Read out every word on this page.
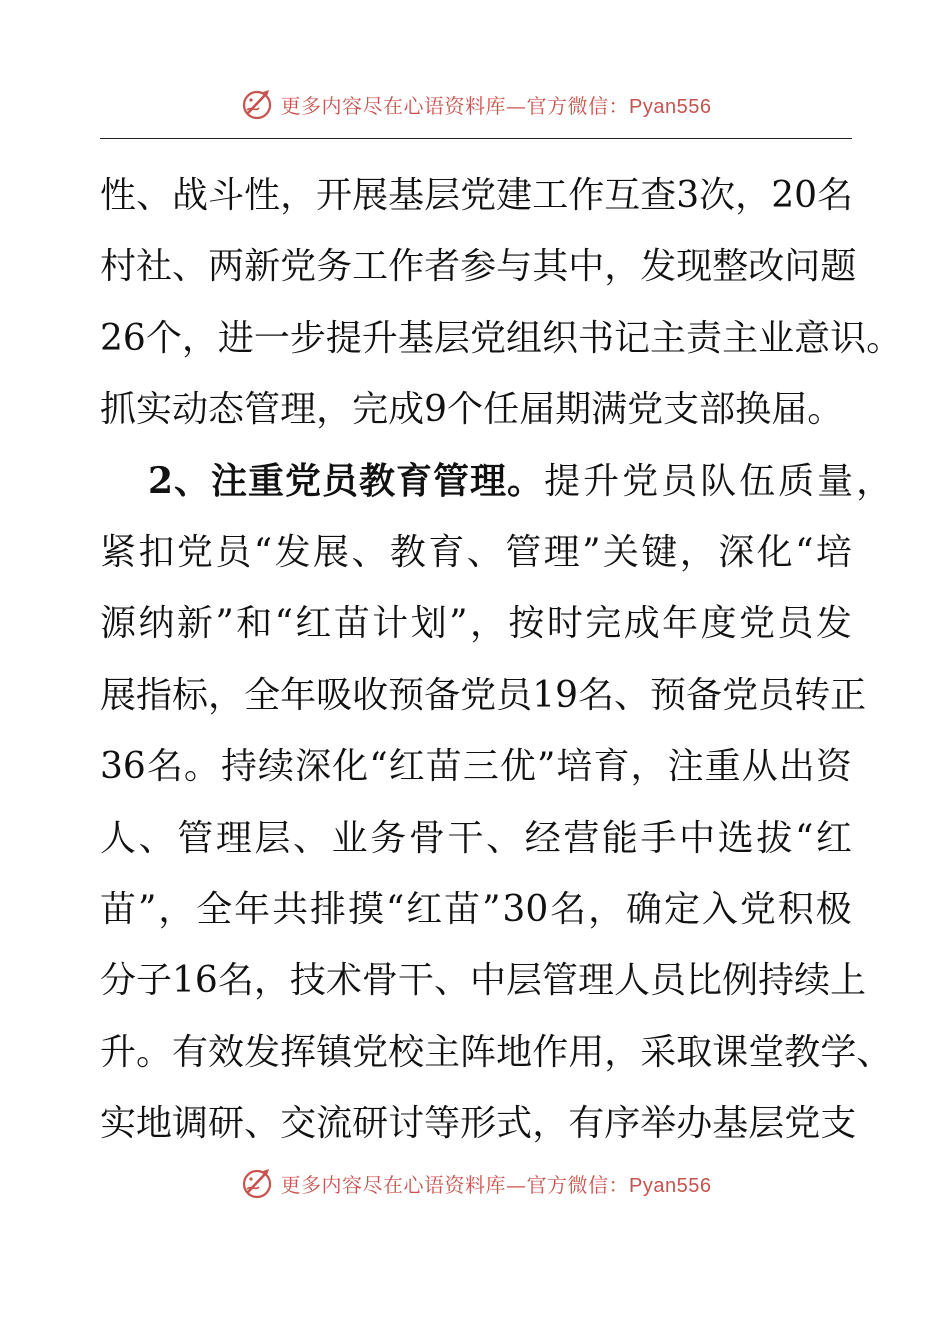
更多内容尽在心语资料库—官方微信：Pyan556
性 、 战 斗 性 ， 开 展 基 层 党 建 工 作 互 查 3 次 ， 20 名
村 社 、 两 新 党 务 工 作 者 参 与 其 中 ， 发 现 整 改 问 题
26 个 ， 进 一 步 提 升 基 层 党 组 织 书 记 主 责 主 业 意 识 。
抓 实 动 态 管 理 ， 完 成 9 个 任 届 期 满 党 支 部 换 届 。
2、注重党员教育管理。 提升党员队伍质量，
紧 扣 党 员 “ 发 展 、 教 育 、 管 理 ” 关 键 ， 深 化 “ 培
源 纳 新 ” 和 “ 红 苗 计 划 ” ， 按 时 完 成 年 度 党 员 发
展 指 标 ， 全 年 吸 收 预 备 党 员 19 名 、 预 备 党 员 转 正
36 名 。 持 续 深 化 “ 红 苗 三 优 ” 培 育 ， 注 重 从 出 资
人 、 管 理 层 、 业 务 骨 干 、 经 营 能 手 中 选 拔 “ 红
苗 ” ， 全 年 共 排 摸 “ 红 苗 ” 30 名 ， 确 定 入 党 积 极
分 子 16 名 ， 技 术 骨 干 、 中 层 管 理 人 员 比 例 持 续 上
升 。 有 效 发 挥 镇 党 校 主 阵 地 作 用 ， 采 取 课 堂 教 学 、
实 地 调 研 、 交 流 研 讨 等 形 式 ， 有 序 举 办 基 层 党 支
更多内容尽在心语资料库—官方微信：Pyan556
